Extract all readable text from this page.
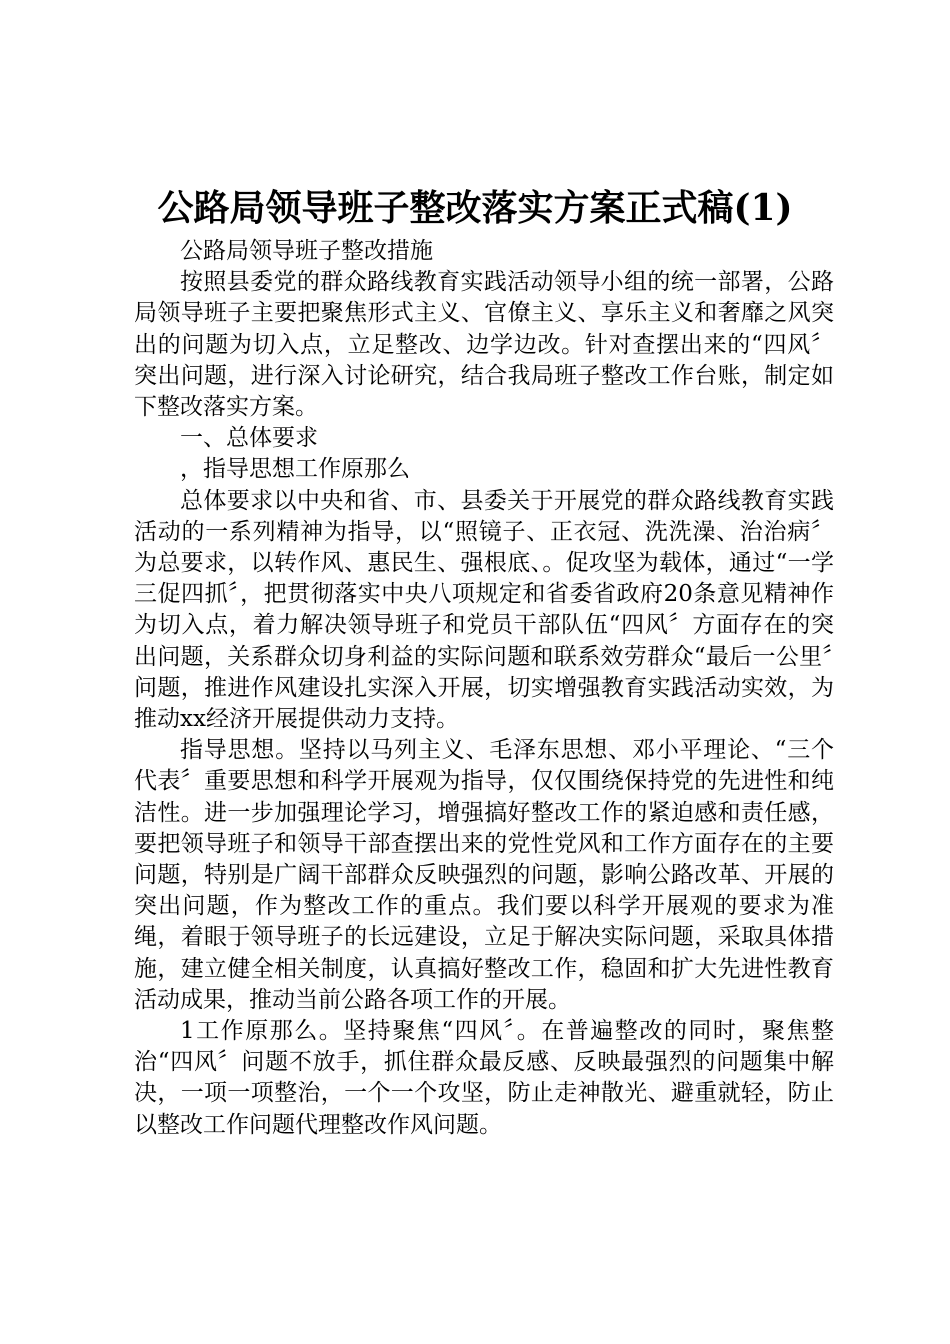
公路局领导班子整改落实方案正式稿(1)

公路局领导班子整改措施

按照县委党的群众路线教育实践活动领导小组的统一部署，公路局领导班子主要把聚焦形式主义、官僚主义、享乐主义和奢靡之风突出的问题为切入点，立足整改、边学边改。针对查摆出来的“四风〞突出问题，进行深入讨论研究，结合我局班子整改工作台账，制定如下整改落实方案。

一、总体要求

，指导思想工作原那么

总体要求以中央和省、市、县委关于开展党的群众路线教育实践活动的一系列精神为指导，以“照镜子、正衣冠、洗洗澡、治治病〞为总要求，以转作风、惠民生、强根底、。促攻坚为载体，通过“一学三促四抓〞，把贯彻落实中央八项规定和省委省政府20条意见精神作为切入点，着力解决领导班子和党员干部队伍“四风〞方面存在的突出问题，关系群众切身利益的实际问题和联系效劳群众“最后一公里〞问题，推进作风建设扎实深入开展，切实增强教育实践活动实效，为推动xx经济开展提供动力支持。

指导思想。坚持以马列主义、毛泽东思想、邓小平理论、“三个代表〞重要思想和科学开展观为指导，仅仅围绕保持党的先进性和纯洁性。进一步加强理论学习，增强搞好整改工作的紧迫感和责任感，要把领导班子和领导干部查摆出来的党性党风和工作方面存在的主要问题，特别是广阔干部群众反映强烈的问题，影响公路改革、开展的突出问题，作为整改工作的重点。我们要以科学开展观的要求为准绳，着眼于领导班子的长远建设，立足于解决实际问题，采取具体措施，建立健全相关制度，认真搞好整改工作，稳固和扩大先进性教育活动成果，推动当前公路各项工作的开展。

1工作原那么。坚持聚焦“四风〞。在普遍整改的同时，聚焦整治“四风〞问题不放手，抓住群众最反感、反映最强烈的问题集中解决，一项一项整治，一个一个攻坚，防止走神散光、避重就轻，防止以整改工作问题代理整改作风问题。
